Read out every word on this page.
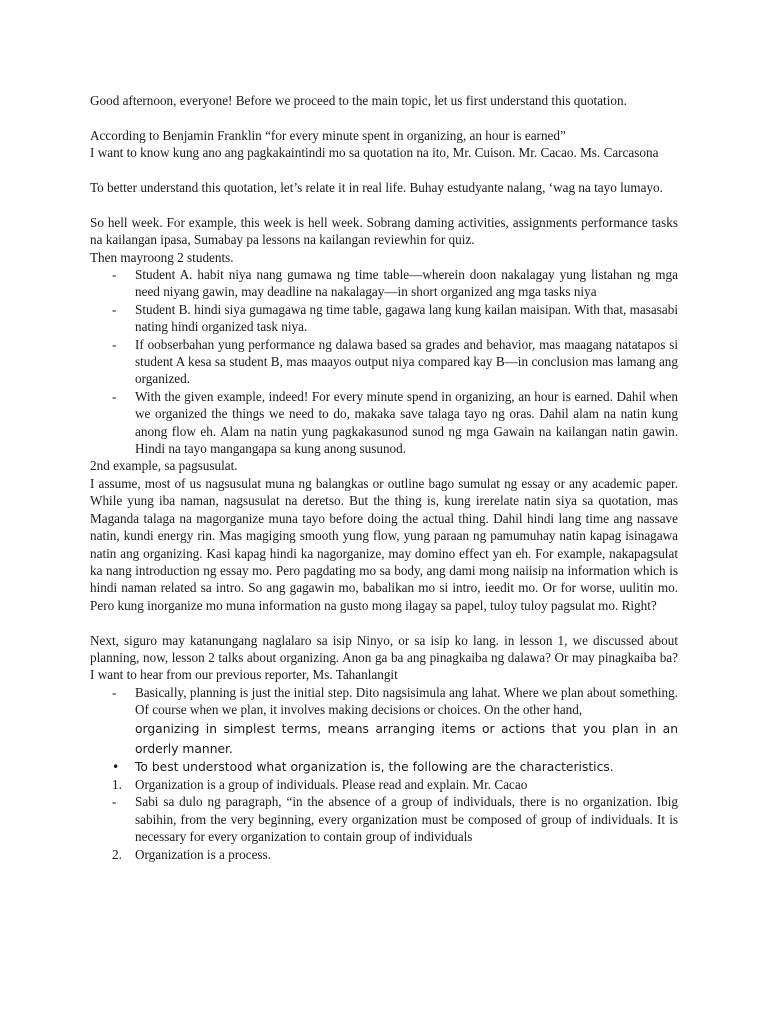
Good afternoon, everyone! Before we proceed to the main topic, let us first understand this quotation.

According to Benjamin Franklin “for every minute spent in organizing, an hour is earned”

I want to know kung ano ang pagkakaintindi mo sa quotation na ito, Mr. Cuison. Mr. Cacao. Ms. Carcasona

To better understand this quotation, let’s relate it in real life. Buhay estudyante nalang, ‘wag na tayo lumayo.

So hell week. For example, this week is hell week. Sobrang daming activities, assignments performance tasks na kailangan ipasa, Sumabay pa lessons na kailangan reviewhin for quiz.

Then mayroong 2 students.

-	Student A. habit niya nang gumawa ng time table—wherein doon nakalagay yung listahan ng mga need niyang gawin, may deadline na nakalagay—in short organized ang mga tasks niya
-	Student B. hindi siya gumagawa ng time table, gagawa lang kung kailan maisipan. With that, masasabi nating hindi organized task niya.
-	If oobserbahan yung performance ng dalawa based sa grades and behavior, mas maagang natatapos si student A kesa sa student B, mas maayos output niya compared kay B—in conclusion mas lamang ang organized.
-	With the given example, indeed! For every minute spend in organizing, an hour is earned. Dahil when we organized the things we need to do, makaka save talaga tayo ng oras. Dahil alam na natin kung anong flow eh. Alam na natin yung pagkakasunod sunod ng mga Gawain na kailangan natin gawin. Hindi na tayo mangangapa sa kung anong susunod.

2nd example, sa pagsusulat.

I assume, most of us nagsusulat muna ng balangkas or outline bago sumulat ng essay or any academic paper. While yung iba naman, nagsusulat na deretso. But the thing is, kung irerelate natin siya sa quotation, mas Maganda talaga na magorganize muna tayo before doing the actual thing. Dahil hindi lang time ang nassave natin, kundi energy rin. Mas magiging smooth yung flow, yung paraan ng pamumuhay natin kapag isinagawa natin ang organizing. Kasi kapag hindi ka nagorganize, may domino effect yan eh. For example, nakapagsulat ka nang introduction ng essay mo. Pero pagdating mo sa body, ang dami mong naiisip na information which is hindi naman related sa intro. So ang gagawin mo, babalikan mo si intro, ieedit mo. Or for worse, uulitin mo. Pero kung inorganize mo muna information na gusto mong ilagay sa papel, tuloy tuloy pagsulat mo. Right?

Next, siguro may katanungang naglalaro sa isip Ninyo, or sa isip ko lang. in lesson 1, we discussed about planning, now, lesson 2 talks about organizing. Anon ga ba ang pinagkaiba ng dalawa? Or may pinagkaiba ba? I want to hear from our previous reporter, Ms. Tahanlangit

-	Basically, planning is just the initial step. Dito nagsisimula ang lahat. Where we plan about something. Of course when we plan, it involves making decisions or choices. On the other hand,
organizing in simplest terms, means arranging items or actions that you plan in an orderly manner.
•	To best understood what organization is, the following are the characteristics.
1. Organization is a group of individuals. Please read and explain. Mr. Cacao
-	Sabi sa dulo ng paragraph, “in the absence of a group of individuals, there is no organization. Ibig sabihin, from the very beginning, every organization must be composed of group of individuals. It is necessary for every organization to contain group of individuals
2. Organization is a process.
